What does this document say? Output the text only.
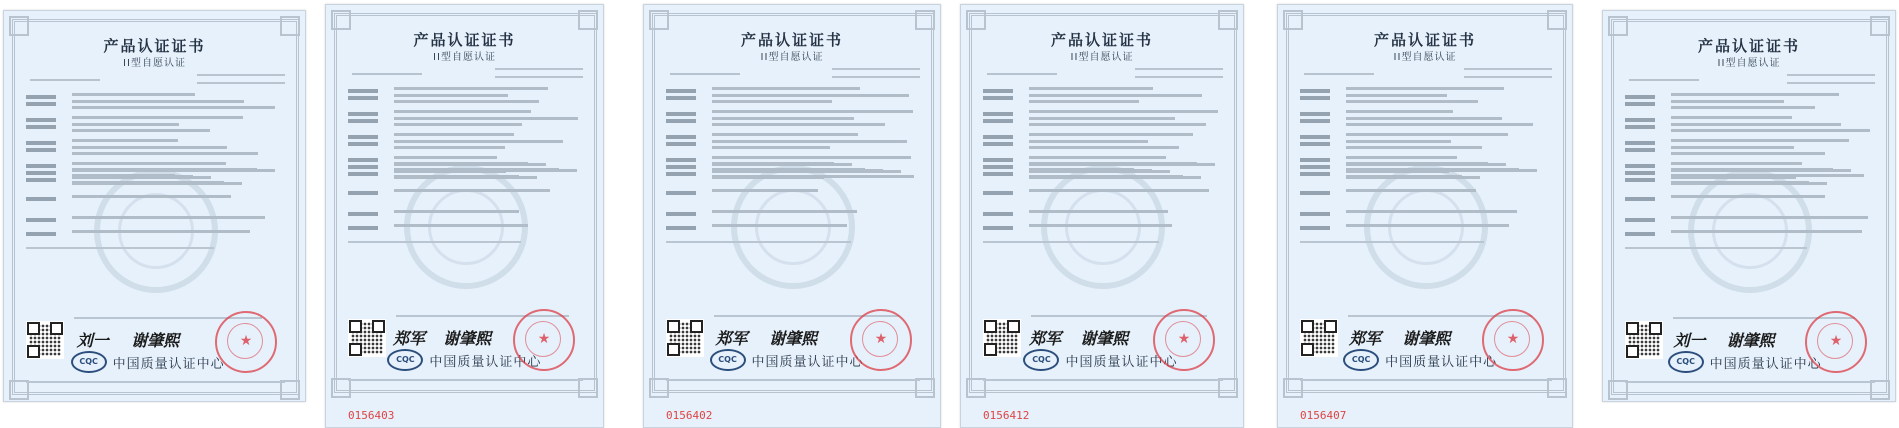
产品认证证书
II型自愿认证
刘一 谢肇熙
CQC	中国质量认证中心
★
产品认证证书
II型自愿认证
郑军 谢肇熙
CQC	中国质量认证中心
★
0156403
产品认证证书
II型自愿认证
郑军 谢肇熙
CQC	中国质量认证中心
★
0156402
产品认证证书
II型自愿认证
郑军 谢肇熙
CQC	中国质量认证中心
★
0156412
产品认证证书
II型自愿认证
郑军 谢肇熙
CQC	中国质量认证中心
★
0156407
产品认证证书
II型自愿认证
刘一 谢肇熙
CQC	中国质量认证中心
★
